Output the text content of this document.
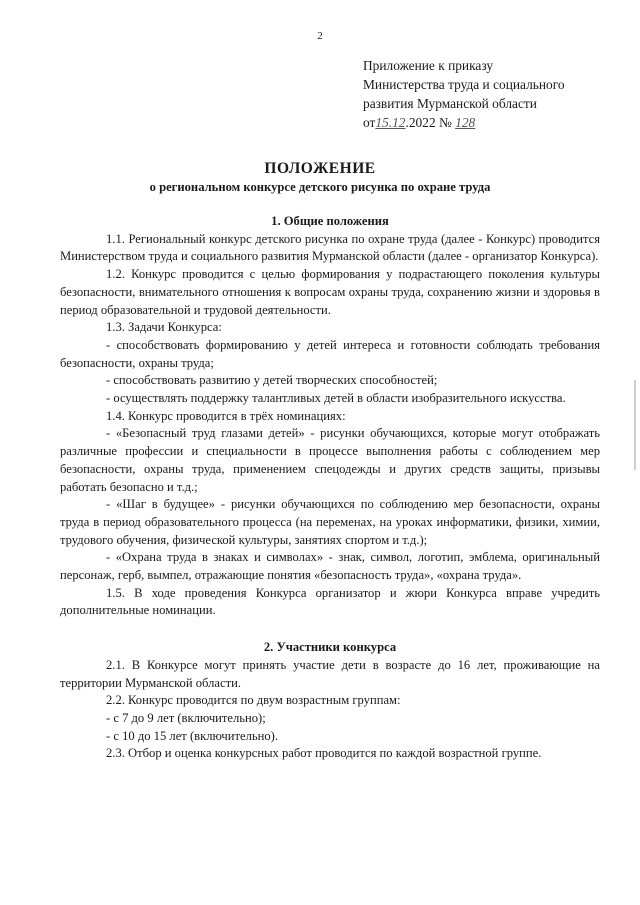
2
Приложение к приказу
Министерства труда и социального
развития Мурманской области
от15.12.2022 № 128
ПОЛОЖЕНИЕ
о региональном конкурсе детского рисунка по охране труда

1. Общие положения

1.1. Региональный конкурс детского рисунка по охране труда (далее - Конкурс) проводится Министерством труда и социального развития Мурманской области (далее - организатор Конкурса).

1.2. Конкурс проводится с целью формирования у подрастающего поколения культуры безопасности, внимательного отношения к вопросам охраны труда, сохранению жизни и здоровья в период образовательной и трудовой деятельности.

1.3. Задачи Конкурса:

- способствовать формированию у детей интереса и готовности соблюдать требования безопасности, охраны труда;

- способствовать развитию у детей творческих способностей;

- осуществлять поддержку талантливых детей в области изобразительного искусства.

1.4. Конкурс проводится в трёх номинациях:

- «Безопасный труд глазами детей» - рисунки обучающихся, которые могут отображать различные профессии и специальности в процессе выполнения работы с соблюдением мер безопасности, охраны труда, применением спецодежды и других средств защиты, призывы работать безопасно и т.д.;

- «Шаг в будущее» - рисунки обучающихся по соблюдению мер безопасности, охраны труда в период образовательного процесса (на переменах, на уроках информатики, физики, химии, трудового обучения, физической культуры, занятиях спортом и т.д.);

- «Охрана труда в знаках и символах» - знак, символ, логотип, эмблема, оригинальный персонаж, герб, вымпел, отражающие понятия «безопасность труда», «охрана труда».

1.5. В ходе проведения Конкурса организатор и жюри Конкурса вправе учредить дополнительные номинации.

2. Участники конкурса

2.1. В Конкурсе могут принять участие дети в возрасте до 16 лет, проживающие на территории Мурманской области.

2.2. Конкурс проводится по двум возрастным группам:

- с 7 до 9 лет (включительно);

- с 10 до 15 лет (включительно).

2.3. Отбор и оценка конкурсных работ проводится по каждой возрастной группе.
